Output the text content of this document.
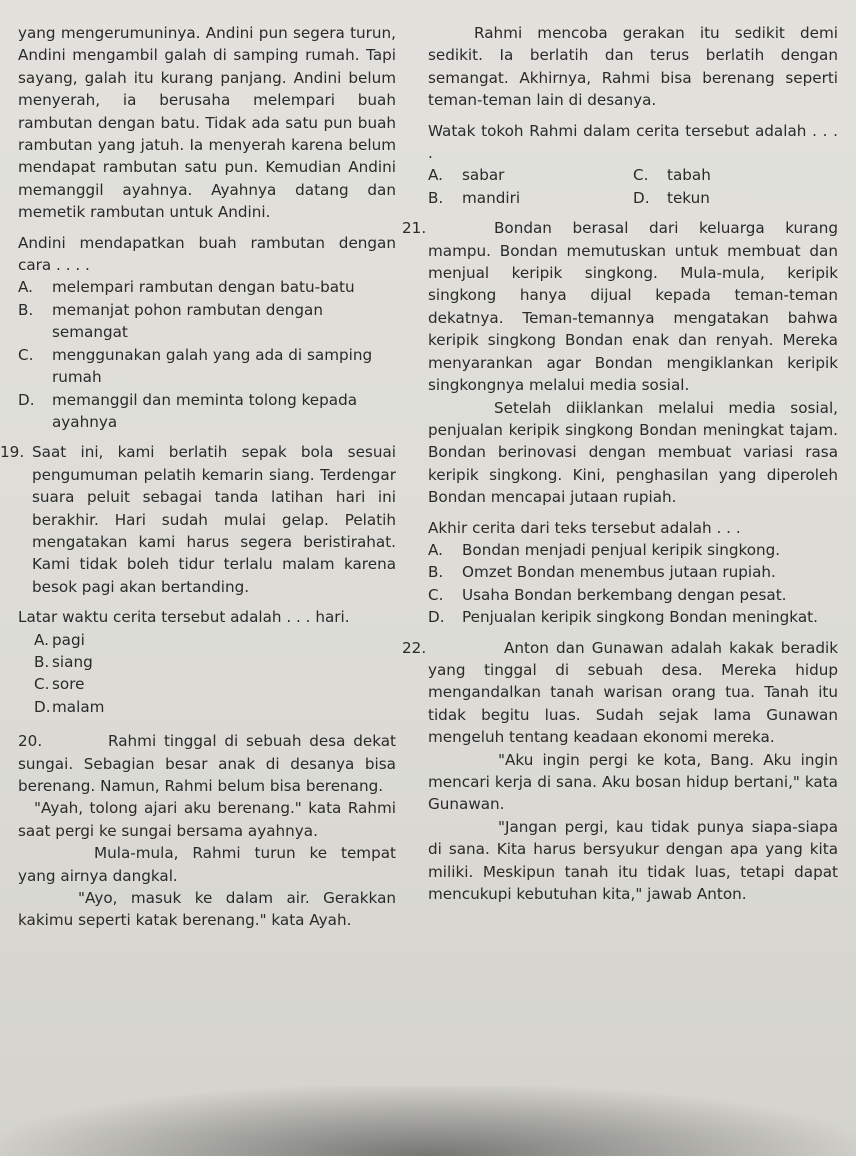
yang mengerumuninya. Andini pun segera turun, Andini mengambil galah di samping rumah. Tapi sayang, galah itu kurang panjang. Andini belum menyerah, ia berusaha melempari buah rambutan dengan batu. Tidak ada satu pun buah rambutan yang jatuh. Ia menyerah karena belum mendapat rambutan satu pun. Kemudian Andini memanggil ayahnya. Ayahnya datang dan memetik rambutan untuk Andini.

Andini mendapatkan buah rambutan dengan cara . . . .

A. melempari rambutan dengan batu-batu
B. memanjat pohon rambutan dengan semangat
C. menggunakan galah yang ada di samping rumah
D. memanggil dan meminta tolong kepada ayahnya
19. Saat ini, kami berlatih sepak bola sesuai pengumuman pelatih kemarin siang. Terdengar suara peluit sebagai tanda latihan hari ini berakhir. Hari sudah mulai gelap. Pelatih mengatakan kami harus segera beristirahat. Kami tidak boleh tidur terlalu malam karena besok pagi akan bertanding.

Latar waktu cerita tersebut adalah . . . hari.

A. pagi
B. siang
C. sore
D. malam
20.	Rahmi tinggal di sebuah desa dekat sungai. Sebagian besar anak di desanya bisa berenang. Namun, Rahmi belum bisa berenang.

"Ayah, tolong ajari aku berenang." kata Rahmi saat pergi ke sungai bersama ayahnya.

Mula-mula, Rahmi turun ke tempat yang airnya dangkal.

"Ayo, masuk ke dalam air. Gerakkan kakimu seperti katak berenang." kata Ayah.

Rahmi mencoba gerakan itu sedikit demi sedikit. Ia berlatih dan terus berlatih dengan semangat. Akhirnya, Rahmi bisa berenang seperti teman-teman lain di desanya.

Watak tokoh Rahmi dalam cerita tersebut adalah . . . .

A. sabar	C. tabah
B. mandiri	D. tekun
21.	Bondan berasal dari keluarga kurang mampu. Bondan memutuskan untuk membuat dan menjual keripik singkong. Mula-mula, keripik singkong hanya dijual kepada teman-teman dekatnya. Teman-temannya mengatakan bahwa keripik singkong Bondan enak dan renyah. Mereka menyarankan agar Bondan mengiklankan keripik singkongnya melalui media sosial.

Setelah diiklankan melalui media sosial, penjualan keripik singkong Bondan meningkat tajam. Bondan berinovasi dengan membuat variasi rasa keripik singkong. Kini, penghasilan yang diperoleh Bondan mencapai jutaan rupiah.

Akhir cerita dari teks tersebut adalah . . .

A. Bondan menjadi penjual keripik singkong.
B. Omzet Bondan menembus jutaan rupiah.
C. Usaha Bondan berkembang dengan pesat.
D. Penjualan keripik singkong Bondan meningkat.
22.	Anton dan Gunawan adalah kakak beradik yang tinggal di sebuah desa. Mereka hidup mengandalkan tanah warisan orang tua. Tanah itu tidak begitu luas. Sudah sejak lama Gunawan mengeluh tentang keadaan ekonomi mereka.

"Aku ingin pergi ke kota, Bang. Aku ingin mencari kerja di sana. Aku bosan hidup bertani," kata Gunawan.

"Jangan pergi, kau tidak punya siapa-siapa di sana. Kita harus bersyukur dengan apa yang kita miliki. Meskipun tanah itu tidak luas, tetapi dapat mencukupi kebutuhan kita," jawab Anton.
